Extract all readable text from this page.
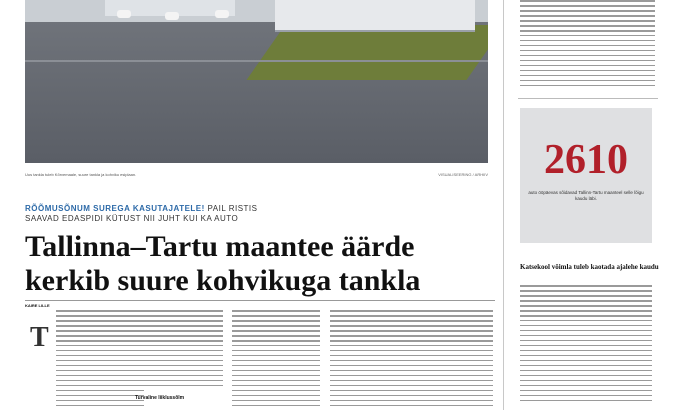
Uus tankla tuleb Kõrvemaale, suure tankla ja kohviku esiplaan.	VISUALISEERING / ARHIIV
RÕÕMUSÕNUM SUREGA KASUTAJATELE! PAIL RISTIS
SAAVAD EDASPIDI KÜTUST NII JUHT KUI KA AUTO
Tallinna–Tartu maantee äärde
kerkib suure kohvikuga tankla
KAIRE LILLE
T
Turvaline liiklussõlm
2610
auto ööpäevas sõidavad Tallinn-Tartu maanteel selle lõigu kaudu läbi.
Katsekool võimla tuleb kaotada ajalehe kaudu
